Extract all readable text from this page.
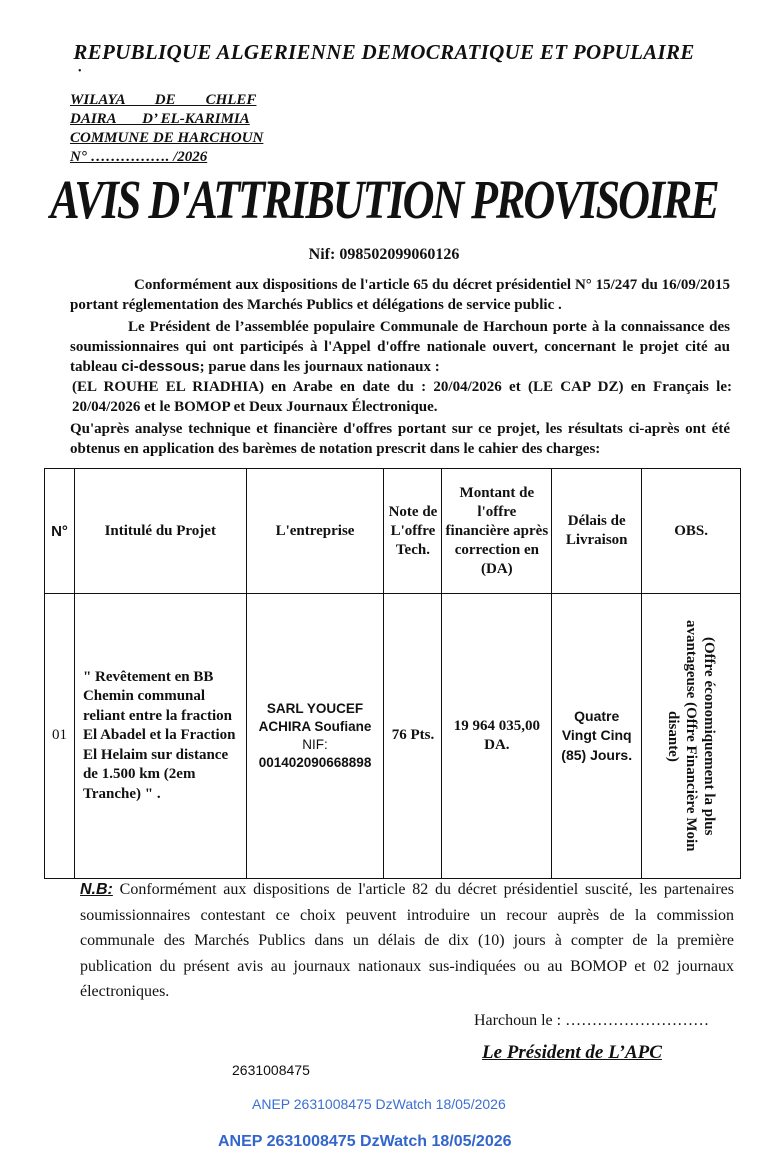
REPUBLIQUE ALGERIENNE DEMOCRATIQUE ET POPULAIRE
•
WILAYA        DE        CHLEF
DAIRA       D’ EL-KARIMIA
COMMUNE DE HARCHOUN
N° ……………. /2026
AVIS D'ATTRIBUTION PROVISOIRE
Nif: 098502099060126
Conformément aux dispositions de l'article 65 du décret présidentiel N° 15/247 du 16/09/2015 portant réglementation des Marchés Publics et délégations de service public .
Le Président de l’assemblée populaire Communale de Harchoun porte à la connaissance des soumissionnaires qui ont participés à l'Appel d'offre nationale ouvert, concernant le projet cité au tableau ci-dessous; parue dans les journaux nationaux :
(EL ROUHE EL RIADHIA) en Arabe en date du : 20/04/2026 et (LE CAP DZ) en Français le: 20/04/2026 et le BOMOP et Deux Journaux Électronique.
Qu'après analyse technique et financière d'offres portant sur ce projet, les résultats ci-après ont été obtenus en application des barèmes de notation prescrit dans le cahier des charges:
N°	Intitulé du Projet	L'entreprise	Note de L'offre Tech.	Montant de l'offre financière après correction en (DA)	Délais de Livraison	OBS.
01	" Revêtement en BB Chemin communal reliant entre la fraction El Abadel et la Fraction El Helaim sur distance de 1.500 km (2em Tranche) " .	SARL YOUCEF ACHIRA Soufiane
NIF:
001402090668898	76 Pts.	19 964 035,00 DA.	Quatre Vingt Cinq (85) Jours.	(Offre économiquement la plus avantageuse (Offre Financière Moin disante)
N.B: Conformément aux dispositions de l'article 82 du décret présidentiel suscité, les partenaires soumissionnaires contestant ce choix peuvent introduire un recour auprès de la commission communale des Marchés Publics dans un délais de dix (10) jours à compter de la première publication du présent avis au journaux nationaux sus-indiquées ou au BOMOP et 02 journaux électroniques.
Harchoun le : ………………………
Le Président de L’APC
2631008475
ANEP 2631008475 DzWatch 18/05/2026
ANEP 2631008475 DzWatch 18/05/2026
